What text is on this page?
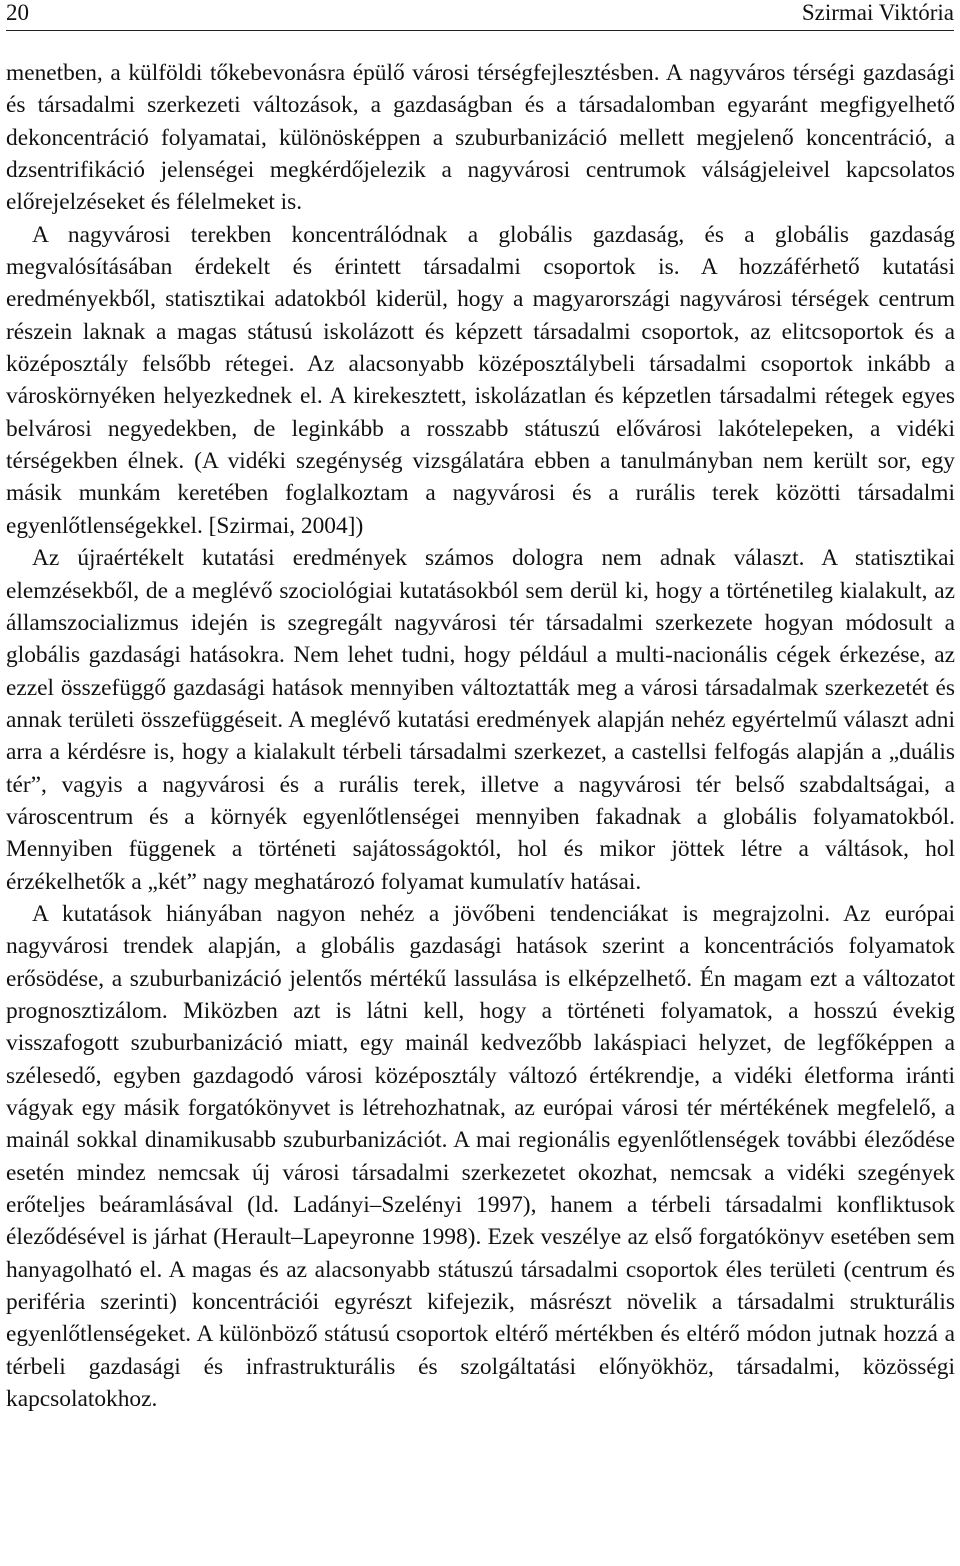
20	Szirmai Viktória

menetben, a külföldi tőkebevonásra épülő városi térségfejlesztésben. A nagyváros térségi gazdasági és társadalmi szerkezeti változások, a gazdaságban és a társadalomban egyaránt megfigyelhető dekoncentráció folyamatai, különösképpen a szuburbanizáció mellett megjelenő koncentráció, a dzsentrifikáció jelenségei megkérdőjelezik a nagyvárosi centrumok válságjeleivel kapcsolatos előrejelzéseket és félelmeket is.

A nagyvárosi terekben koncentrálódnak a globális gazdaság, és a globális gazdaság megvalósításában érdekelt és érintett társadalmi csoportok is. A hozzáférhető kutatási eredményekből, statisztikai adatokból kiderül, hogy a magyarországi nagyvárosi térségek centrum részein laknak a magas státusú iskolázott és képzett társadalmi csoportok, az elitcsoportok és a középosztály felsőbb rétegei. Az alacsonyabb középosztálybeli társadalmi csoportok inkább a városkörnyéken helyezkednek el. A kirekesztett, iskolázatlan és képzetlen társadalmi rétegek egyes belvárosi negyedekben, de leginkább a rosszabb státuszú elővárosi lakótelepeken, a vidéki térségekben élnek. (A vidéki szegénység vizsgálatára ebben a tanulmányban nem került sor, egy másik munkám keretében foglalkoztam a nagyvárosi és a rurális terek közötti társadalmi egyenlőtlenségekkel. [Szirmai, 2004])

Az újraértékelt kutatási eredmények számos dologra nem adnak választ. A statisztikai elemzésekből, de a meglévő szociológiai kutatásokból sem derül ki, hogy a történetileg kialakult, az államszocializmus idején is szegregált nagyvárosi tér társadalmi szerkezete hogyan módosult a globális gazdasági hatásokra. Nem lehet tudni, hogy például a multi-nacionális cégek érkezése, az ezzel összefüggő gazdasági hatások mennyiben változtatták meg a városi társadalmak szerkezetét és annak területi összefüggéseit. A meglévő kutatási eredmények alapján nehéz egyértelmű választ adni arra a kérdésre is, hogy a kialakult térbeli társadalmi szerkezet, a castellsi felfogás alapján a „duális tér”, vagyis a nagyvárosi és a rurális terek, illetve a nagyvárosi tér belső szabdaltságai, a városcentrum és a környék egyenlőtlenségei mennyiben fakadnak a globális folyamatokból. Mennyiben függenek a történeti sajátosságoktól, hol és mikor jöttek létre a váltások, hol érzékelhetők a „két” nagy meghatározó folyamat kumulatív hatásai.

A kutatások hiányában nagyon nehéz a jövőbeni tendenciákat is megrajzolni. Az európai nagyvárosi trendek alapján, a globális gazdasági hatások szerint a koncentrációs folyamatok erősödése, a szuburbanizáció jelentős mértékű lassulása is elképzelhető. Én magam ezt a változatot prognosztizálom. Miközben azt is látni kell, hogy a történeti folyamatok, a hosszú évekig visszafogott szuburbanizáció miatt, egy mainál kedvezőbb lakáspiaci helyzet, de legfőképpen a szélesedő, egyben gazdagodó városi középosztály változó értékrendje, a vidéki életforma iránti vágyak egy másik forgatókönyvet is létrehozhatnak, az európai városi tér mértékének megfelelő, a mainál sokkal dinamikusabb szuburbanizációt. A mai regionális egyenlőtlenségek további éleződése esetén mindez nemcsak új városi társadalmi szerkezetet okozhat, nemcsak a vidéki szegények erőteljes beáramlásával (ld. Ladányi–Szelényi 1997), hanem a térbeli társadalmi konfliktusok éleződésével is járhat (Herault–Lapeyronne 1998). Ezek veszélye az első forgatókönyv esetében sem hanyagolható el. A magas és az alacsonyabb státuszú társadalmi csoportok éles területi (centrum és periféria szerinti) koncentrációi egyrészt kifejezik, másrészt növelik a társadalmi strukturális egyenlőtlenségeket. A különböző státusú csoportok eltérő mértékben és eltérő módon jutnak hozzá a térbeli gazdasági és infrastrukturális és szolgáltatási előnyökhöz, társadalmi, közösségi kapcsolatokhoz.
